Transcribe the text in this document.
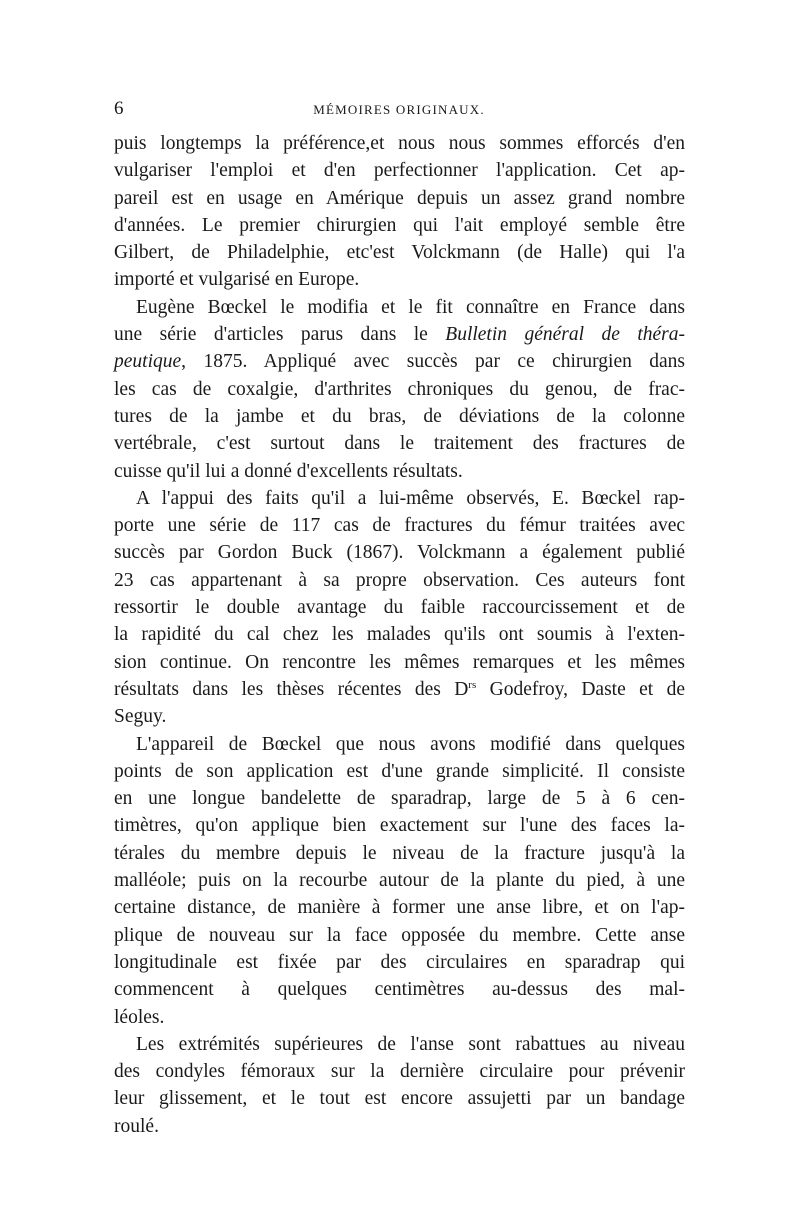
6	MÉMOIRES ORIGINAUX.
puis longtemps la préférence,et nous nous sommes efforcés d'en
vulgariser l'emploi et d'en perfectionner l'application. Cet ap-
pareil est en usage en Amérique depuis un assez grand nombre
d'années. Le premier chirurgien qui l'ait employé semble être
Gilbert, de Philadelphie, etc'est Volckmann (de Halle) qui l'a
importé et vulgarisé en Europe.
Eugène Bœckel le modifia et le fit connaître en France dans
une série d'articles parus dans le Bulletin général de théra-
peutique, 1875. Appliqué avec succès par ce chirurgien dans
les cas de coxalgie, d'arthrites chroniques du genou, de frac-
tures de la jambe et du bras, de déviations de la colonne
vertébrale, c'est surtout dans le traitement des fractures de
cuisse qu'il lui a donné d'excellents résultats.
A l'appui des faits qu'il a lui-même observés, E. Bœckel rap-
porte une série de 117 cas de fractures du fémur traitées avec
succès par Gordon Buck (1867). Volckmann a également publié
23 cas appartenant à sa propre observation. Ces auteurs font
ressortir le double avantage du faible raccourcissement et de
la rapidité du cal chez les malades qu'ils ont soumis à l'exten-
sion continue. On rencontre les mêmes remarques et les mêmes
résultats dans les thèses récentes des $D^{rs}$ Godefroy, Daste et de
Seguy.
L'appareil de Bœckel que nous avons modifié dans quelques
points de son application est d'une grande simplicité. Il consiste
en une longue bandelette de sparadrap, large de 5 à 6 cen-
timètres, qu'on applique bien exactement sur l'une des faces la-
térales du membre depuis le niveau de la fracture jusqu'à la
malléole; puis on la recourbe autour de la plante du pied, à une
certaine distance, de manière à former une anse libre, et on l'ap-
plique de nouveau sur la face opposée du membre. Cette anse
longitudinale est fixée par des circulaires en sparadrap qui
commencent à quelques centimètres au-dessus des mal-
léoles.
Les extrémités supérieures de l'anse sont rabattues au niveau
des condyles fémoraux sur la dernière circulaire pour prévenir
leur glissement, et le tout est encore assujetti par un bandage
roulé.
